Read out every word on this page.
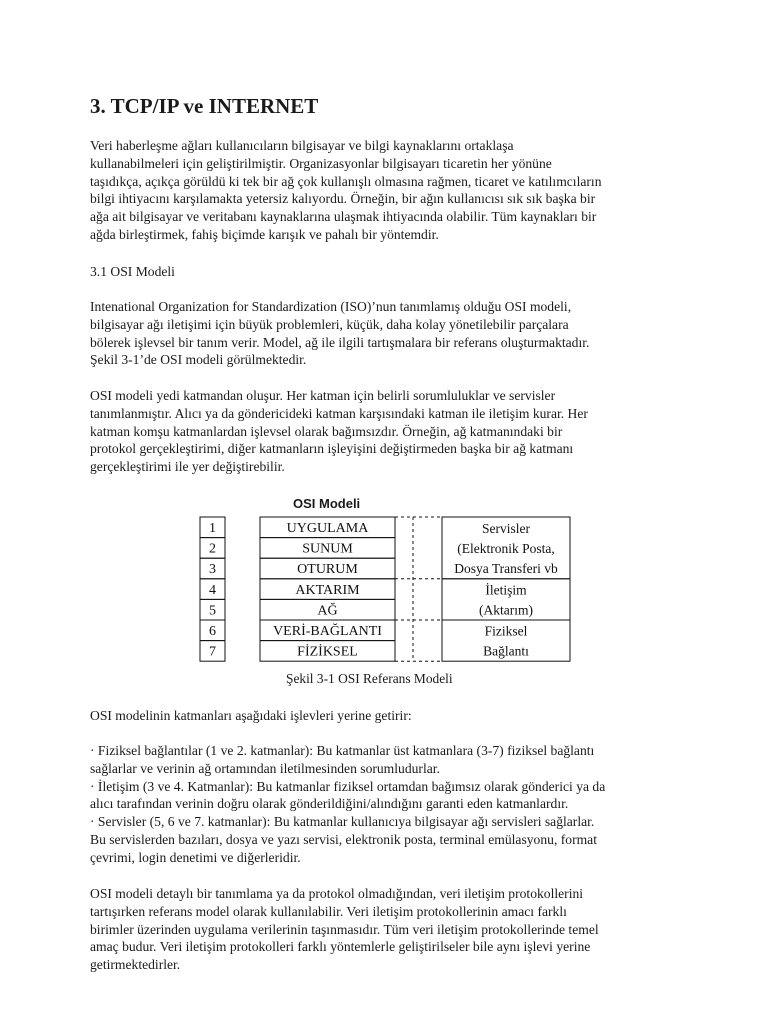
3. TCP/IP ve INTERNET
Veri haberleşme ağları kullanıcıların bilgisayar ve bilgi kaynaklarını ortaklaşa
kullanabilmeleri için geliştirilmiştir. Organizasyonlar bilgisayarı ticaretin her yönüne
taşıdıkça, açıkça görüldü ki tek bir ağ çok kullanışlı olmasına rağmen, ticaret ve katılımcıların
bilgi ihtiyacını karşılamakta yetersiz kalıyordu. Örneğin, bir ağın kullanıcısı sık sık başka bir
ağa ait bilgisayar ve veritabanı kaynaklarına ulaşmak ihtiyacında olabilir. Tüm kaynakları bir
ağda birleştirmek, fahiş biçimde karışık ve pahalı bir yöntemdir.
3.1 OSI Modeli
Intenational Organization for Standardization (ISO)’nun tanımlamış olduğu OSI modeli,
bilgisayar ağı iletişimi için büyük problemleri, küçük, daha kolay yönetilebilir parçalara
bölerek işlevsel bir tanım verir. Model, ağ ile ilgili tartışmalara bir referans oluşturmaktadır.
Şekil 3-1’de OSI modeli görülmektedir.
OSI modeli yedi katmandan oluşur. Her katman için belirli sorumluluklar ve servisler
tanımlanmıştır. Alıcı ya da göndericideki katman karşısındaki katman ile iletişim kurar. Her
katman komşu katmanlardan işlevsel olarak bağımsızdır. Örneğin, ağ katmanındaki bir
protokol gerçekleştirimi, diğer katmanların işleyişini değiştirmeden başka bir ağ katmanı
gerçekleştirimi ile yer değiştirebilir.
OSI Modeli
1
2
3
4
5
6
7
UYGULAMA
SUNUM
OTURUM
AKTARIM
AĞ
VERİ-BAĞLANTI
FİZİKSEL
Servisler
(Elektronik Posta,
Dosya Transferi vb
İletişim
(Aktarım)
Fiziksel
Bağlantı
Şekil 3-1 OSI Referans Modeli
OSI modelinin katmanları aşağıdaki işlevleri yerine getirir:
· Fiziksel bağlantılar (1 ve 2. katmanlar): Bu katmanlar üst katmanlara (3-7) fiziksel bağlantı
sağlarlar ve verinin ağ ortamından iletilmesinden sorumludurlar.
· İletişim (3 ve 4. Katmanlar): Bu katmanlar fiziksel ortamdan bağımsız olarak gönderici ya da
alıcı tarafından verinin doğru olarak gönderildiğini/alındığını garanti eden katmanlardır.
· Servisler (5, 6 ve 7. katmanlar): Bu katmanlar kullanıcıya bilgisayar ağı servisleri sağlarlar.
Bu servislerden bazıları, dosya ve yazı servisi, elektronik posta, terminal emülasyonu, format
çevrimi, login denetimi ve diğerleridir.
OSI modeli detaylı bir tanımlama ya da protokol olmadığından, veri iletişim protokollerini
tartışırken referans model olarak kullanılabilir. Veri iletişim protokollerinin amacı farklı
birimler üzerinden uygulama verilerinin taşınmasıdır. Tüm veri iletişim protokollerinde temel
amaç budur. Veri iletişim protokolleri farklı yöntemlerle geliştirilseler bile aynı işlevi yerine
getirmektedirler.
